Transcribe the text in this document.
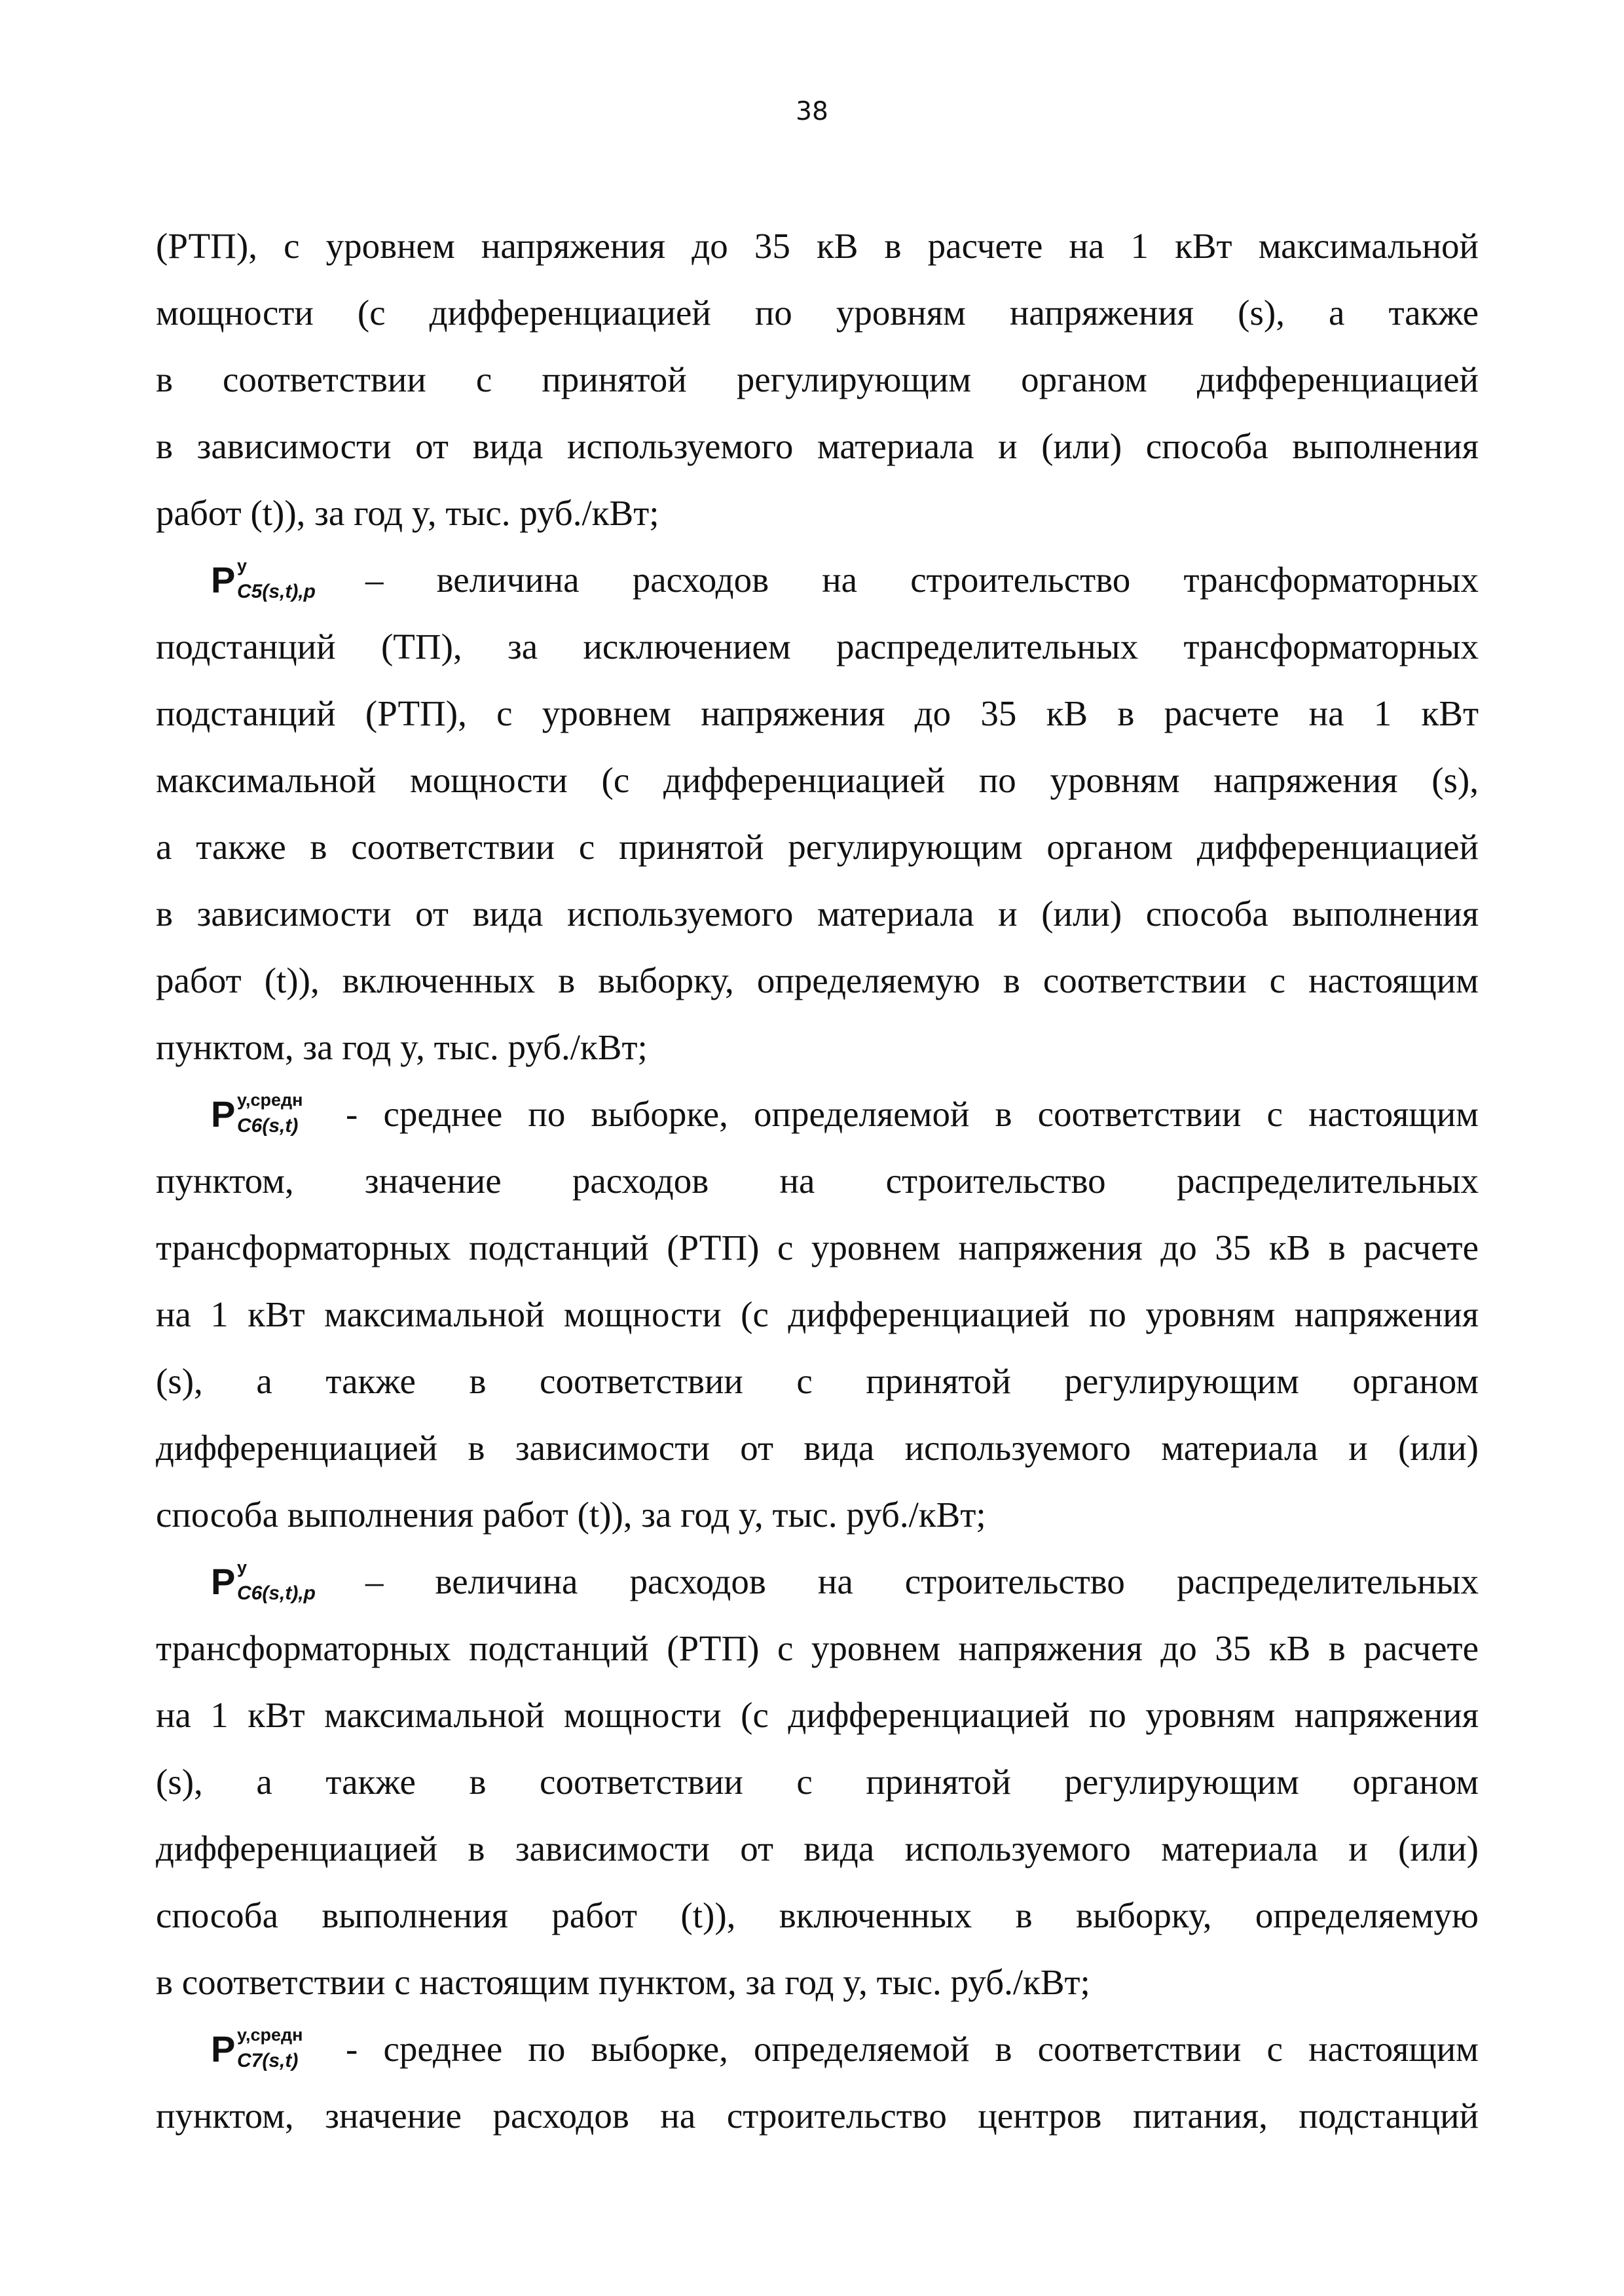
38
(РТП), с уровнем напряжения до 35 кВ в расчете на 1 кВт максимальной
мощности (с дифференциацией по уровням напряжения (s), а также
в соответствии с принятой регулирующим органом дифференциацией
в зависимости от вида используемого материала и (или) способа выполнения
работ (t)), за год y, тыс. руб./кВт;
P y
C5(s,t),p – величина расходов на строительство трансформаторных
подстанций (ТП), за исключением распределительных трансформаторных
подстанций (РТП), с уровнем напряжения до 35 кВ в расчете на 1 кВт
максимальной мощности (с дифференциацией по уровням напряжения (s),
а также в соответствии с принятой регулирующим органом дифференциацией
в зависимости от вида используемого материала и (или) способа выполнения
работ (t)), включенных в выборку, определяемую в соответствии с настоящим
пунктом, за год y, тыс. руб./кВт;
P y,средн
C6(s,t) - среднее по выборке, определяемой в соответствии с настоящим
пунктом, значение расходов на строительство распределительных
трансформаторных подстанций (РТП) с уровнем напряжения до 35 кВ в расчете
на 1 кВт максимальной мощности (с дифференциацией по уровням напряжения
(s), а также в соответствии с принятой регулирующим органом
дифференциацией в зависимости от вида используемого материала и (или)
способа выполнения работ (t)), за год y, тыс. руб./кВт;
P y
C6(s,t),p – величина расходов на строительство распределительных
трансформаторных подстанций (РТП) с уровнем напряжения до 35 кВ в расчете
на 1 кВт максимальной мощности (с дифференциацией по уровням напряжения
(s), а также в соответствии с принятой регулирующим органом
дифференциацией в зависимости от вида используемого материала и (или)
способа выполнения работ (t)), включенных в выборку, определяемую
в соответствии с настоящим пунктом, за год y, тыс. руб./кВт;
P y,средн
C7(s,t) - среднее по выборке, определяемой в соответствии с настоящим
пунктом, значение расходов на строительство центров питания, подстанций
